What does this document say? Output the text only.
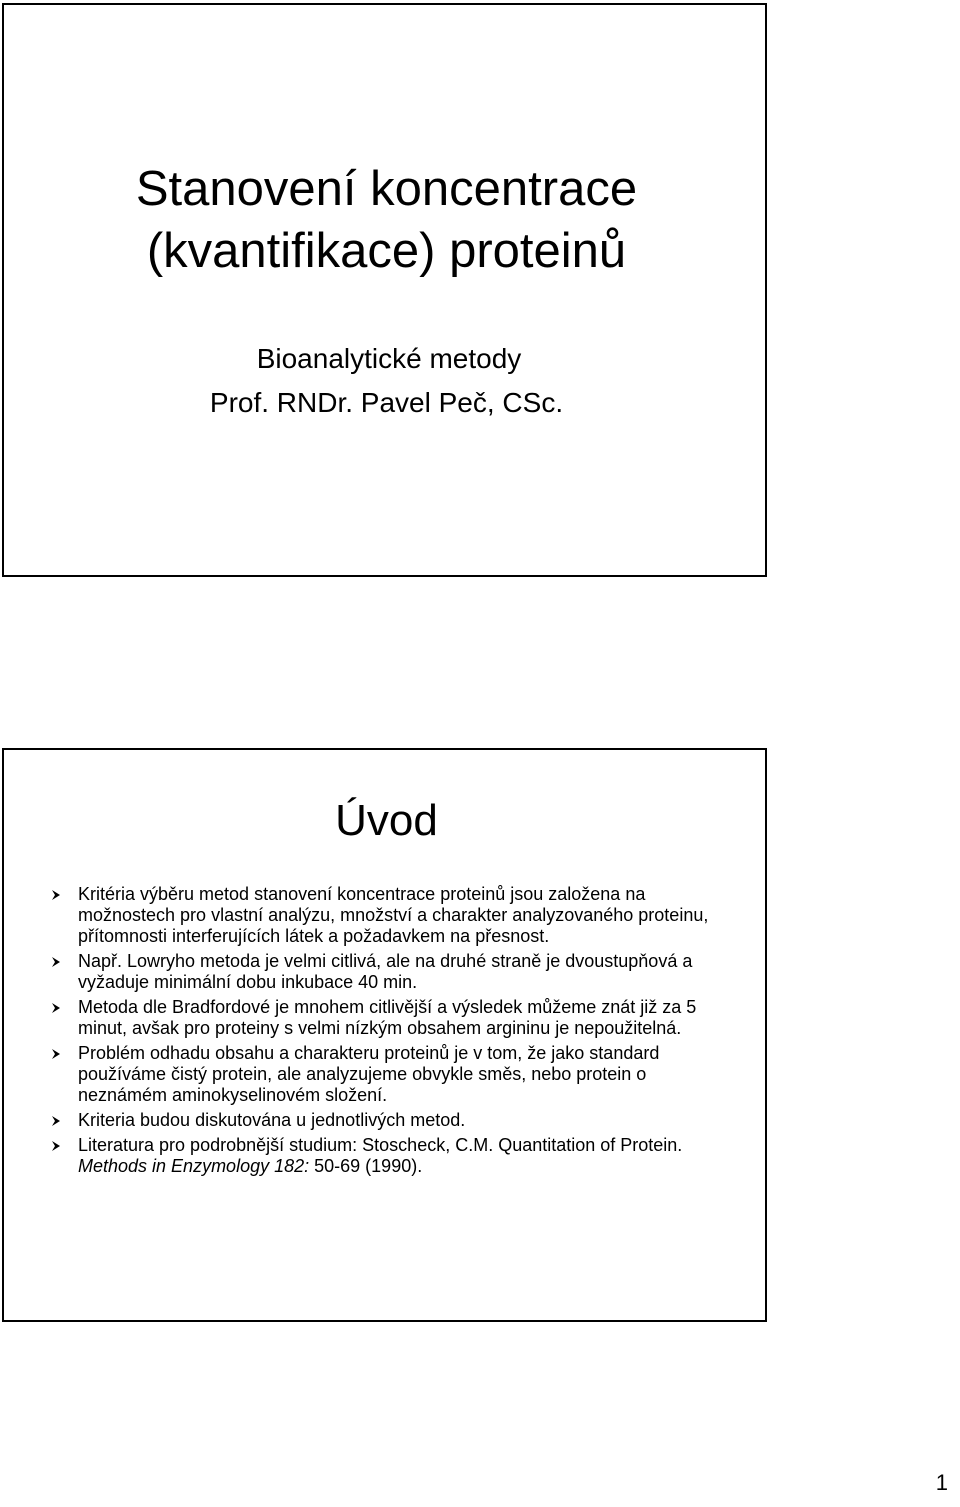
Stanovení koncentrace
(kvantifikace) proteinů
Bioanalytické metody
Prof. RNDr. Pavel Peč, CSc.
Úvod
Kritéria výběru metod stanovení koncentrace proteinů jsou založena na možnostech pro vlastní analýzu, množství a charakter analyzovaného proteinu, přítomnosti interferujících látek a požadavkem na přesnost.
Např. Lowryho metoda je velmi citlivá, ale na druhé straně je dvoustupňová a vyžaduje minimální dobu inkubace 40 min.
Metoda dle Bradfordové je mnohem citlivější a výsledek můžeme znát již za 5 minut, avšak pro proteiny s velmi nízkým obsahem argininu je nepoužitelná.
Problém odhadu obsahu a charakteru proteinů je v tom, že jako standard používáme čistý protein, ale analyzujeme obvykle směs, nebo protein o neznámém aminokyselinovém složení.
Kriteria budou diskutována u jednotlivých metod.
Literatura pro podrobnější studium: Stoscheck, C.M. Quantitation of Protein. Methods in Enzymology 182: 50-69 (1990).
1
